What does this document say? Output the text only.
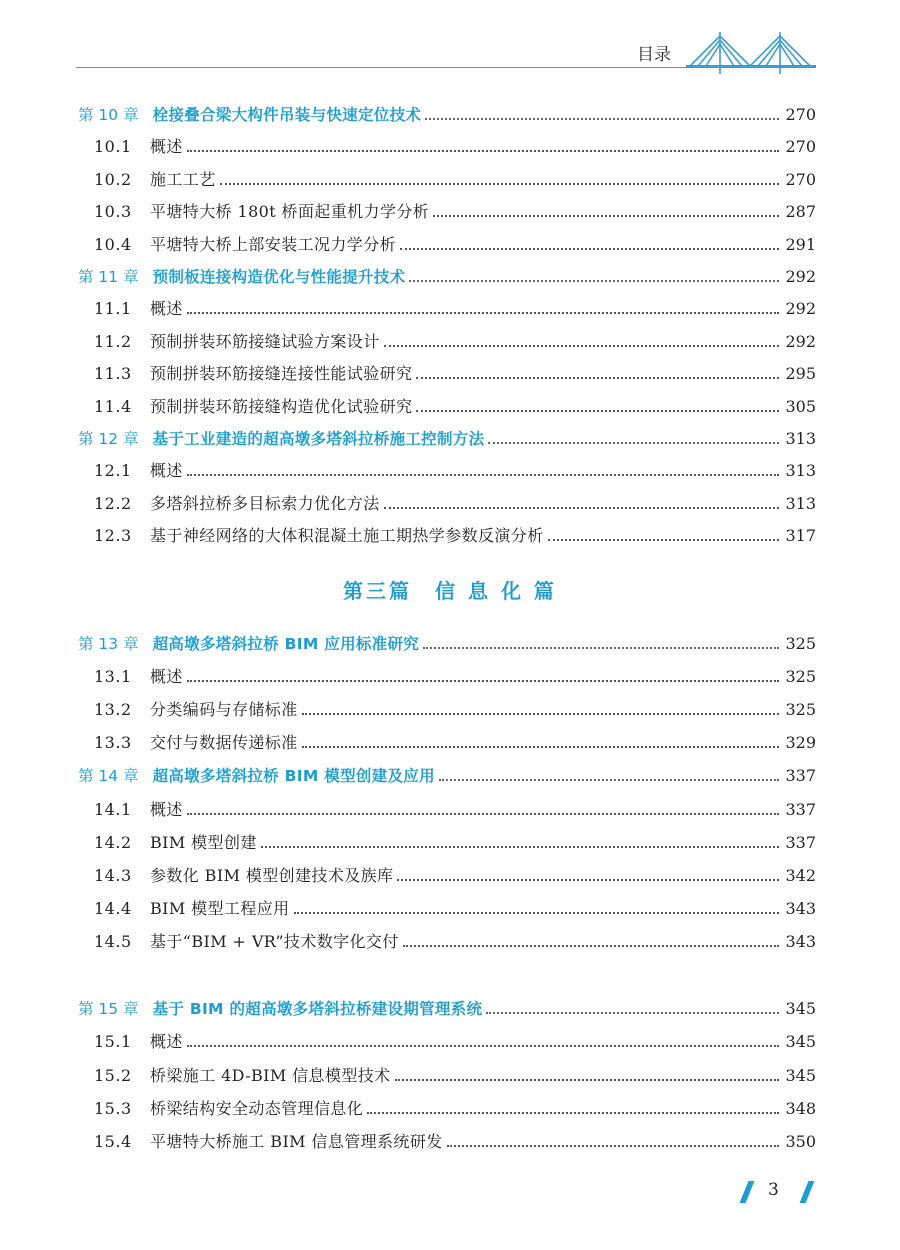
目录
第 10 章 栓接叠合梁大构件吊装与快速定位技术	270
10.1	概述	270
10.2	施工工艺	270
10.3	平塘特大桥 180t 桥面起重机力学分析	287
10.4	平塘特大桥上部安装工况力学分析	291
第 11 章 预制板连接构造优化与性能提升技术	292
11.1	概述	292
11.2	预制拼装环筋接缝试验方案设计	292
11.3	预制拼装环筋接缝连接性能试验研究	295
11.4	预制拼装环筋接缝构造优化试验研究	305
第 12 章 基于工业建造的超高墩多塔斜拉桥施工控制方法	313
12.1	概述	313
12.2	多塔斜拉桥多目标索力优化方法	313
12.3	基于神经网络的大体积混凝土施工期热学参数反演分析	317
第三篇　信 息 化 篇
第 13 章 超高墩多塔斜拉桥 BIM 应用标准研究	325
13.1	概述	325
13.2	分类编码与存储标准	325
13.3	交付与数据传递标准	329
第 14 章 超高墩多塔斜拉桥 BIM 模型创建及应用	337
14.1	概述	337
14.2	BIM 模型创建	337
14.3	参数化 BIM 模型创建技术及族库	342
14.4	BIM 模型工程应用	343
14.5	基于“BIM + VR”技术数字化交付	343
第 15 章 基于 BIM 的超高墩多塔斜拉桥建设期管理系统	345
15.1	概述	345
15.2	桥梁施工 4D-BIM 信息模型技术	345
15.3	桥梁结构安全动态管理信息化	348
15.4	平塘特大桥施工 BIM 信息管理系统研发	350
3
